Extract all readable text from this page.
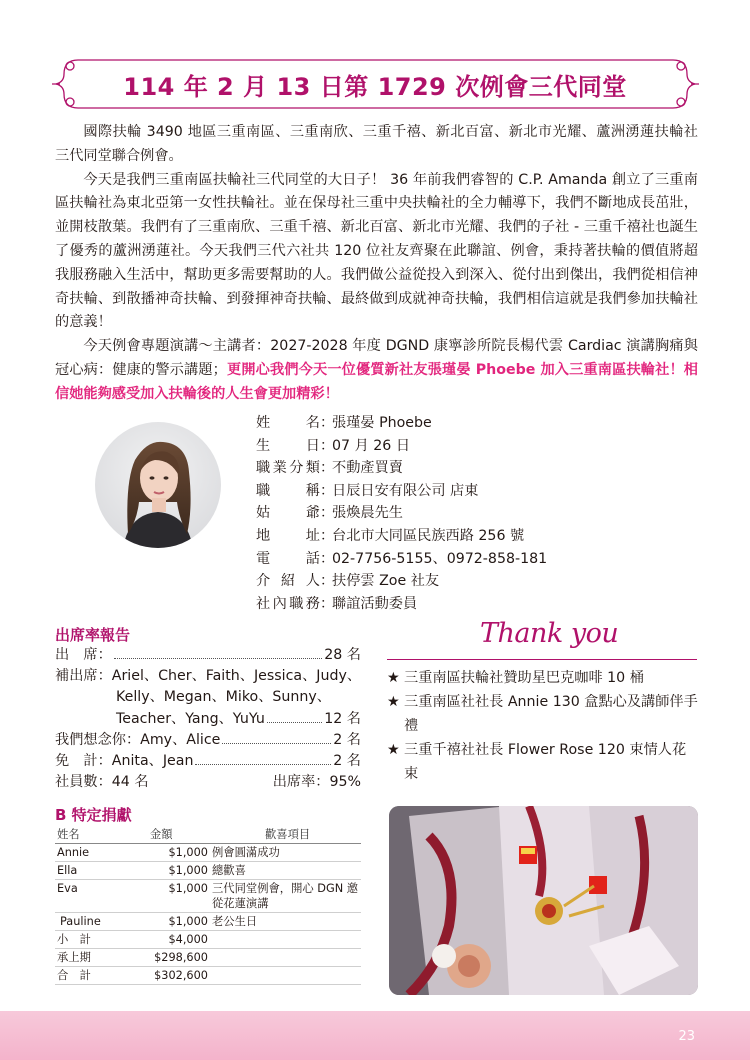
114 年 2 月 13 日第 1729 次例會三代同堂

國際扶輪 3490 地區三重南區、三重南欣、三重千禧、新北百富、新北市光耀、蘆洲湧蓮扶輪社 三代同堂聯合例會。

今天是我們三重南區扶輪社三代同堂的大日子！ 36 年前我們睿智的 C.P. Amanda 創立了三重南區扶輪社為東北亞第一女性扶輪社。並在保母社三重中央扶輪社的全力輔導下，我們不斷地成長茁壯，並開枝散葉。我們有了三重南欣、三重千禧、新北百富、新北市光耀、我們的子社 - 三重千禧社也誕生了優秀的蘆洲湧蓮社。今天我們三代六社共 120 位社友齊聚在此聯誼、例會，秉持著扶輪的價值將超我服務融入生活中，幫助更多需要幫助的人。我們做公益從投入到深入、從付出到傑出，我們從相信神奇扶輪、到散播神奇扶輪、到發揮神奇扶輪、最終做到成就神奇扶輪，我們相信這就是我們參加扶輪社的意義！

今天例會專題演講～主講者：2027-2028 年度 DGND 康寧診所院長楊代雲 Cardiac 演講胸痛與冠心病：健康的警示講題；更開心我們今天一位優質新社友張瑾晏 Phoebe 加入三重南區扶輪社！相信她能夠感受加入扶輪後的人生會更加精彩！

姓　名 ：
張瑾晏 Phoebe
生　日 ：
07 月 26 日
職業分類 ：
不動產買賣
職　稱 ：
日辰日安有限公司 店東
姑　爺 ：
張煥晨先生
地　址 ：
台北市大同區民族西路 256 號
電　話 ：
02-7756-5155、0972-858-181
介紹人 ：
扶停雲 Zoe 社友
社內職務 ：
聯誼活動委員
出席率報告
出　席：	28 名
補出席： Ariel、Cher、Faith、Jessica、Judy、
Kelly、Megan、Miko、Sunny、
Teacher、Yang、YuYu	12 名
我們想念你： Amy、Alice	2 名
免　計： Anita、Jean	2 名
社員數： 44 名	出席率： 95%
Thank you
★ 三重南區扶輪社贊助星巴克咖啡 10 桶
★ 三重南區社社長 Annie 130 盒點心及講師伴手禮
★ 三重千禧社社長 Flower Rose 120 束情人花束
B 特定捐獻
姓名	金額	歡喜項目
Annie	$1,000	例會圓滿成功
Ella	$1,000	總歡喜
Eva	$1,000	三代同堂例會，開心 DGN 邀從花蓮演講
Pauline	$1,000	老公生日
小　計	$4,000	
承上期	$298,600	
合　計	$302,600	
23
